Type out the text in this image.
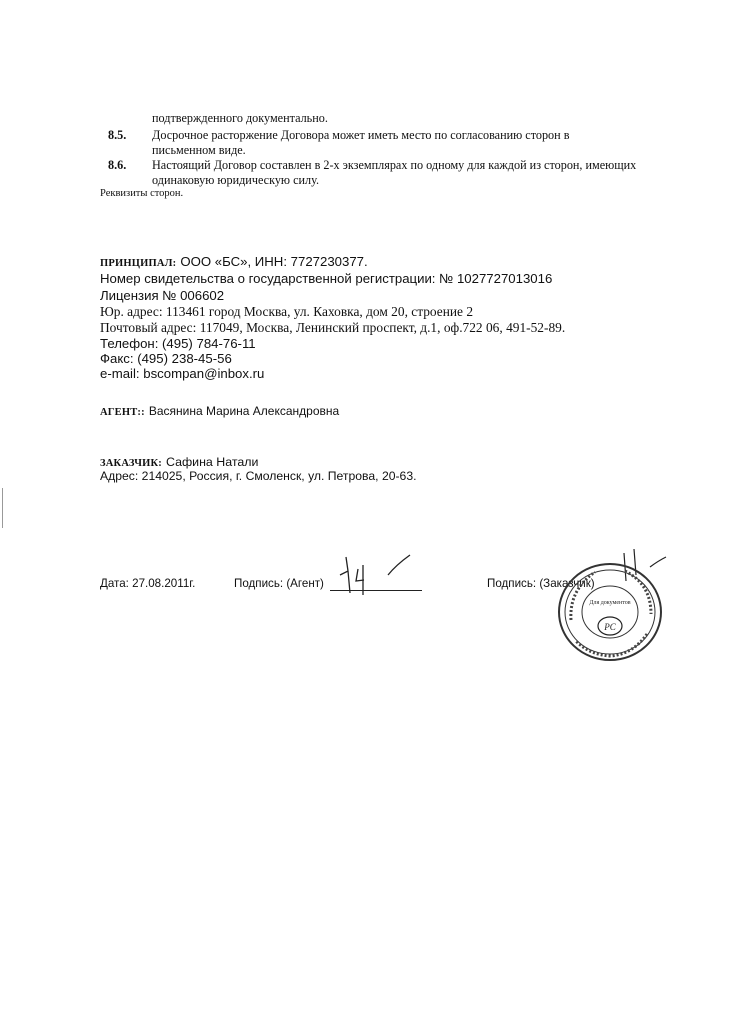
подтвержденного документально.
8.5. Досрочное расторжение Договора может иметь место по согласованию сторон в
письменном виде.
8.6. Настоящий Договор составлен в 2-х экземплярах по одному для каждой из сторон, имеющих
одинаковую юридическую силу.
Реквизиты сторон.
ПРИНЦИПАЛ: ООО «БС», ИНН: 7727230377.
Номер свидетельства о государственной регистрации: № 1027727013016
Лицензия № 006602
Юр. адрес: 113461 город Москва, ул. Каховка, дом 20, строение 2
Почтовый адрес: 117049, Москва, Ленинский проспект, д.1, оф.722 06, 491-52-89.
Телефон: (495) 784-76-11
Факс: (495) 238-45-56
e-mail: bscompan@inbox.ru
АГЕНТ:: Васянина Марина Александровна
ЗАКАЗЧИК: Сафина Натали
Адрес: 214025, Россия, г. Смоленск, ул. Петрова, 20-63.
Дата: 27.08.2011г.	Подпись: (Агент)	Подпись: (Заказчик)
Для документов
РС
